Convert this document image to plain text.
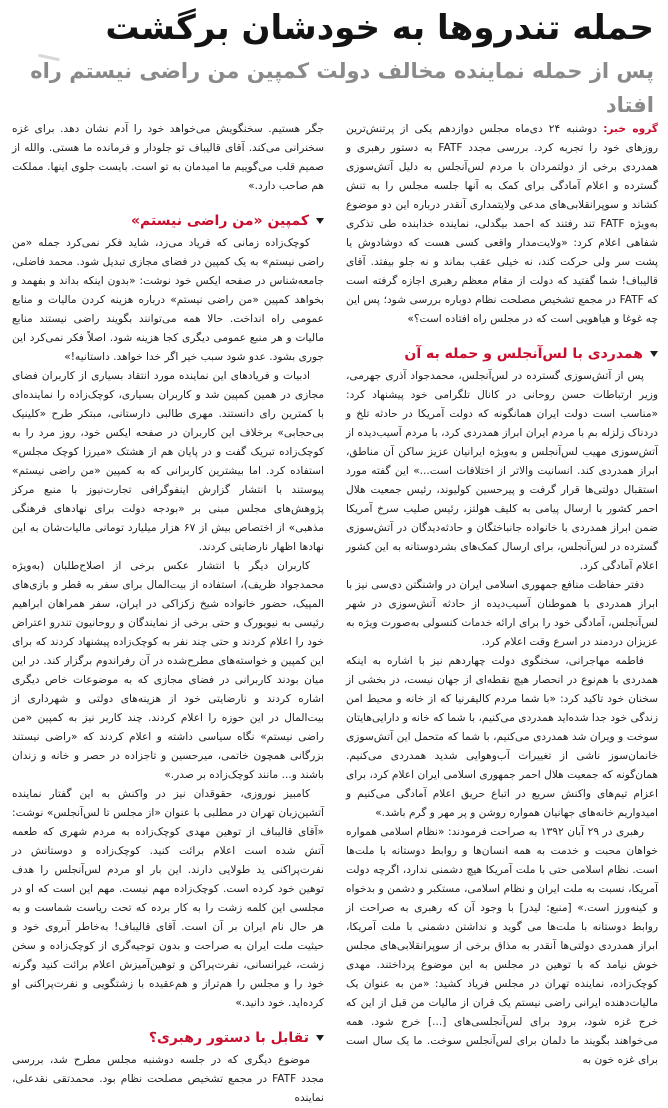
حمله تندروها به خودشان برگشت
پس از حمله نماینده مخالف دولت کمپین من راضی نیستم راه افتاد

گروه خبر: دوشنبه ۲۴ دی‌ماه مجلس دوازدهم یکی از پرتنش‌ترین روزهای خود را تجربه کرد. بررسی مجدد FATF به دستور رهبری و همدردی برخی از دولتمردان با مردم لس‌آنجلس به دلیل آتش‌سوزی گسترده و اعلام آمادگی برای کمک به آنها جلسه مجلس را به تنش کشاند و سوپرانقلابی‌های مدعی ولایتمداری آنقدر درباره این دو موضوع به‌ویژه FATF تند رفتند که احمد بیگدلی، نماینده خدابنده طی تذکری شفاهی اعلام کرد: «ولایت‌مدار واقعی کسی هست که دوشادوش یا پشت سر ولی حرکت کند، نه خیلی عقب بماند و نه جلو بیفتد. آقای قالیباف! شما گفتید که دولت از مقام معظم رهبری اجازه گرفته است که FATF در مجمع تشخیص مصلحت نظام دوباره بررسی شود؛ پس این چه غوغا و هیاهویی است که در مجلس راه افتاده است؟»

همدردی با لس‌آنجلس و حمله به آن

پس از آتش‌سوزی گسترده در لس‌آنجلس، محمدجواد آذری جهرمی، وزیر ارتباطات حسن روحانی در کانال تلگرامی خود پیشنهاد کرد: «مناسب است دولت ایران همانگونه که دولت آمریکا در حادثه تلخ و دردناک زلزله بم با مردم ایران ابراز همدردی کرد، با مردم آسیب‌دیده از آتش‌سوزی مهیب لس‌آنجلس و به‌ویژه ایرانیان عزیز ساکن آن مناطق، ابراز همدردی کند. انسانیت والاتر از اختلافات است...» این گفته مورد استقبال دولتی‌ها قرار گرفت و پیرحسین کولیوند، رئیس جمعیت هلال احمر کشور با ارسال پیامی به کلیف هولتز، رئیس صلیب سرخ آمریکا ضمن ابراز همدردی با خانواده جانباختگان و حادثه‌دیدگان در آتش‌سوزی گسترده در لس‌آنجلس، برای ارسال کمک‌های بشردوستانه به این کشور اعلام آمادگی کرد.

دفتر حفاظت منافع جمهوری اسلامی ایران در واشنگتن دی‌سی نیز با ابراز همدردی با هموطنان آسیب‌دیده از حادثه آتش‌سوزی در شهر لس‌آنجلس، آمادگی خود را برای ارائه خدمات کنسولی به‌صورت ویژه به عزیزان دردمند در اسرع وقت اعلام کرد.

فاطمه مهاجرانی، سخنگوی دولت چهاردهم نیز با اشاره به اینکه همدردی با هم‌نوع در انحصار هیچ نقطه‌ای از جهان نیست، در بخشی از سخنان خود تاکید کرد: «با شما مردم کالیفرنیا که از خانه و محیط امن زندگی خود جدا شده‌اید همدردی می‌کنیم، با شما که خانه و دارایی‌هایتان سوخت و ویران شد همدردی می‌کنیم، با شما که متحمل این آتش‌سوزی خانمان‌سوز ناشی از تغییرات آب‌وهوایی شدید همدردی می‌کنیم. همان‌گونه که جمعیت هلال احمر جمهوری اسلامی ایران اعلام کرد، برای اعزام تیم‌های واکنش سریع در اتباع حریق اعلام آمادگی می‌کنیم و امیدواریم خانه‌های جهانیان همواره روشن و پر مهر و گرم باشد.»

رهبری در ۲۹ آبان ۱۳۹۲ به صراحت فرمودند: «نظام اسلامی همواره خواهان محبت و خدمت به همه انسان‌ها و روابط دوستانه با ملت‌ها است. نظام اسلامی حتی با ملت آمریکا هیچ دشمنی ندارد، اگرچه دولت آمریکا، نسبت به ملت ایران و نظام اسلامی، مستکبر و دشمن و بدخواه و کینه‌ورز است.» [منبع: لیدر] با وجود آن که رهبری به صراحت از روابط دوستانه با ملت‌ها می گوید و نداشتن دشمنی با ملت آمریکا، ابراز همدردی دولتی‌ها آنقدر به مذاق برخی از سوپرانقلابی‌های مجلس خوش نیامد که با توهین در مجلس به این موضوع پرداختند. مهدی کوچک‌زاده، نماینده تهران در مجلس فریاد کشید: «من به عنوان یک مالیات‌دهنده ایرانی راضی نیستم یک قران از مالیات من قبل از این که خرج غزه شود، برود برای لس‌آنجلسی‌های [...] خرج شود. همه می‌خواهند بگویند ما دلمان برای لس‌آنجلس سوخت. ما یک سال است برای غزه خون به

جگر هستیم. سخنگویش می‌خواهد خود را آدم نشان دهد. برای غزه سخنرانی می‌کند. آقای قالیباف تو جلودار و فرمانده ما هستی. والله از صمیم قلب می‌گوییم ما امیدمان به تو است. بایست جلوی اینها. مملکت هم صاحب دارد.»

کمپین «من راضی نیستم»

کوچک‌زاده زمانی که فریاد می‌زد، شاید فکر نمی‌کرد جمله «من راضی نیستم» به یک کمپین در فضای مجازی تبدیل شود. محمد فاضلی، جامعه‌شناس در صفحه ایکس خود نوشت: «بدون اینکه بداند و بفهمد و بخواهد کمپین «من راضی نیستم» درباره هزینه کردن مالیات و منابع عمومی راه انداخت. حالا همه می‌توانند بگویند راضی نیستند منابع مالیات و هر منبع عمومی دیگری کجا هزینه شود. اصلاً فکر نمی‌کرد این جوری بشود. عدو شود سبب خیر اگر خدا خواهد. داستانیه!»

ادبیات و فریادهای این نماینده مورد انتقاد بسیاری از کاربران فضای مجازی در همین کمپین شد و کاربران بسیاری، کوچک‌زاده را نماینده‌ای با کمترین رای دانستند. مهری طالبی دارستانی، مبتکر طرح «کلینیک بی‌حجابی» برخلاف این کاربران در صفحه ایکس خود، روز مرد را به کوچک‌زاده تبریک گفت و در پایان هم از هشتک «میرزا کوچک مجلس» استفاده کرد. اما بیشترین کاربرانی که به کمپین «من راضی نیستم» پیوستند با انتشار گزارش اینفوگرافی تجارت‌نیوز با منبع مرکز پژوهش‌های مجلس مبنی بر «بودجه دولت برای نهادهای فرهنگی مذهبی» از اختصاص بیش از ۶۷ هزار میلیارد تومانی مالیات‌شان به این نهادها اظهار نارضایتی کردند.

کاربران دیگر با انتشار عکس برخی از اصلاح‌طلبان (به‌ویژه محمدجواد ظریف)، استفاده از بیت‌المال برای سفر به قطر و بازی‌های المپیک، حضور خانواده شیخ زکزاکی در ایران، سفر همراهان ابراهیم رئیسی به نیویورک و حتی برخی از نمایندگان و روحانیون تندرو اعتراض خود را اعلام کردند و حتی چند نفر به کوچک‌زاده پیشنهاد کردند که برای این کمپین و خواسته‌های مطرح‌شده در آن رفراندوم برگزار کند. در این میان بودند کاربرانی در فضای مجازی که به موضوعات خاص دیگری اشاره کردند و نارضایتی خود از هزینه‌های دولتی و شهرداری از بیت‌المال در این حوزه را اعلام کردند. چند کاربر نیز به کمپین «من راضی نیستم» نگاه سیاسی داشته و اعلام کردند که «راضی نیستند بزرگانی همچون خاتمی، میرحسین و تاجزاده در حصر و خانه و زندان باشند و... مانند کوچک‌زاده بر صدر.»

کامبیز نوروزی، حقوقدان نیز در واکنش به این گفتار نماینده آتشین‌زبان تهران در مطلبی با عنوان «از مجلس تا لس‌آنجلس» نوشت: «آقای قالیباف از توهین مهدی کوچک‌زاده به مردم شهری که طعمه آتش شده است اعلام برائت کنید. کوچک‌زاده و دوستانش در نفرت‌پراکنی ید طولایی دارند. این بار او مردم لس‌آنجلس را هدف توهین خود کرده است. کوچک‌زاده مهم نیست. مهم این است که او در مجلسی این کلمه زشت را به کار برده که تحت ریاست شماست و به هر حال نام ایران بر آن است. آقای قالیباف! به‌خاطر آبروی خود و حیثیت ملت ایران به صراحت و بدون توجیه‌گری از کوچک‌زاده و سخن زشت، غیرانسانی، نفرت‌پراکن و توهین‌آمیزش اعلام برائت کنید وگرنه خود را و مجلس را هم‌تراز و هم‌عقیده با زشتگویی و نفرت‌پراکنی او کرده‌اید. خود دانید.»

تقابل با دستور رهبری؟

موضوع دیگری که در جلسه دوشنبه مجلس مطرح شد، بررسی مجدد FATF در مجمع تشخیص مصلحت نظام بود. محمدتقی نقدعلی، نماینده
